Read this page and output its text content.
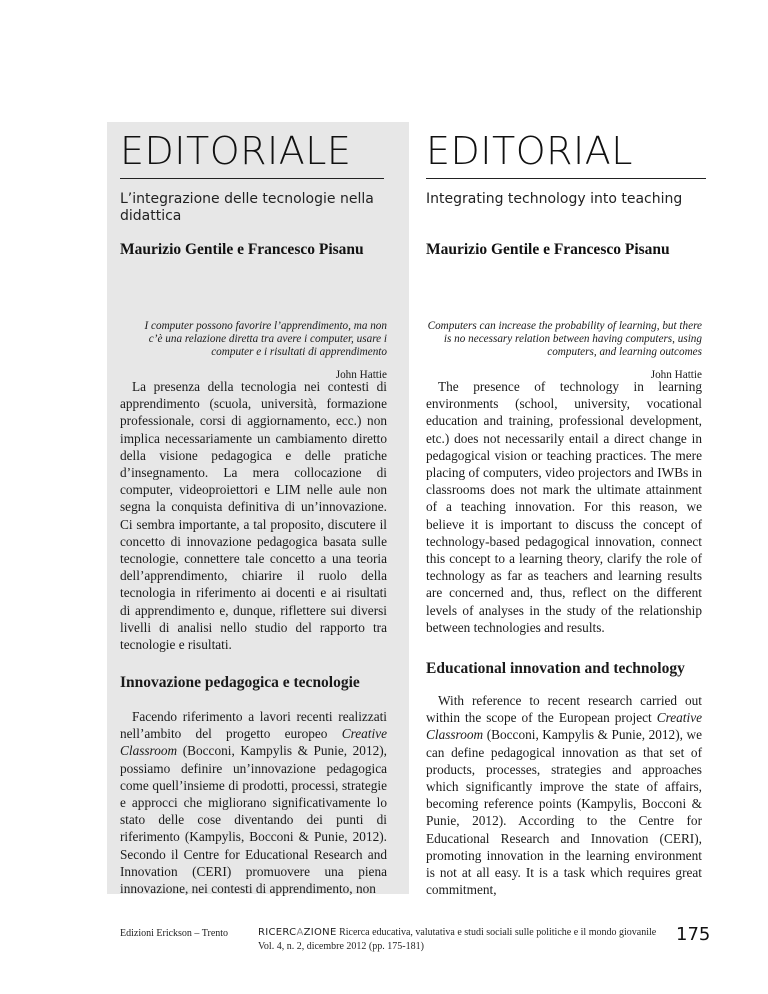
EDITORIALE
L’integrazione delle tecnologie nella didattica
Maurizio Gentile e Francesco Pisanu
I computer possono favorire l’apprendimento, ma non c’è una relazione diretta tra avere i computer, usare i computer e i risultati di apprendimento
John Hattie

La presenza della tecnologia nei contesti di apprendimento (scuola, università, formazione professionale, corsi di aggiornamento, ecc.) non implica necessariamente un cambiamento diretto della visione pedagogica e delle pratiche d’insegnamento. La mera collocazione di computer, videoproiettori e LIM nelle aule non segna la conquista definitiva di un’innovazione. Ci sembra importante, a tal proposito, discutere il concetto di innovazione pedagogica basata sulle tecnologie, connettere tale concetto a una teoria dell’apprendimento, chiarire il ruolo della tecnologia in riferimento ai docenti e ai risultati di apprendimento e, dunque, riflettere sui diversi livelli di analisi nello studio del rapporto tra tecnologie e risultati.

Innovazione pedagogica e tecnologie

Facendo riferimento a lavori recenti realizzati nell’ambito del progetto europeo Creative Classroom (Bocconi, Kampylis & Punie, 2012), possiamo definire un’innovazione pedagogica come quell’insieme di prodotti, processi, strategie e approcci che migliorano significativamente lo stato delle cose diventando dei punti di riferimento (Kampylis, Bocconi & Punie, 2012). Secondo il Centre for Educational Research and Innovation (CERI) promuovere una piena innovazione, nei contesti di apprendimento, non

EDITORIAL
Integrating technology into teaching
Maurizio Gentile e Francesco Pisanu
Computers can increase the probability of learning, but there is no necessary relation between having computers, using computers, and learning outcomes
John Hattie

The presence of technology in learning environments (school, university, vocational education and training, professional development, etc.) does not necessarily entail a direct change in pedagogical vision or teaching practices. The mere placing of computers, video projectors and IWBs in classrooms does not mark the ultimate attainment of a teaching innovation. For this reason, we believe it is important to discuss the concept of technology-based pedagogical innovation, connect this concept to a learning theory, clarify the role of technology as far as teachers and learning results are concerned and, thus, reflect on the different levels of analyses in the study of the relationship between technologies and results.

Educational innovation and technology

With reference to recent research carried out within the scope of the European project Creative Classroom (Bocconi, Kampylis & Punie, 2012), we can define pedagogical innovation as that set of products, processes, strategies and approaches which significantly improve the state of affairs, becoming reference points (Kampylis, Bocconi & Punie, 2012). According to the Centre for Educational Research and Innovation (CERI), promoting innovation in the learning environment is not at all easy. It is a task which requires great commitment,

Edizioni Erickson – Trento	RICERCAZIONE Ricerca educativa, valutativa e studi sociali sulle politiche e il mondo giovanile
Vol. 4, n. 2, dicembre 2012 (pp. 175-181)
175
